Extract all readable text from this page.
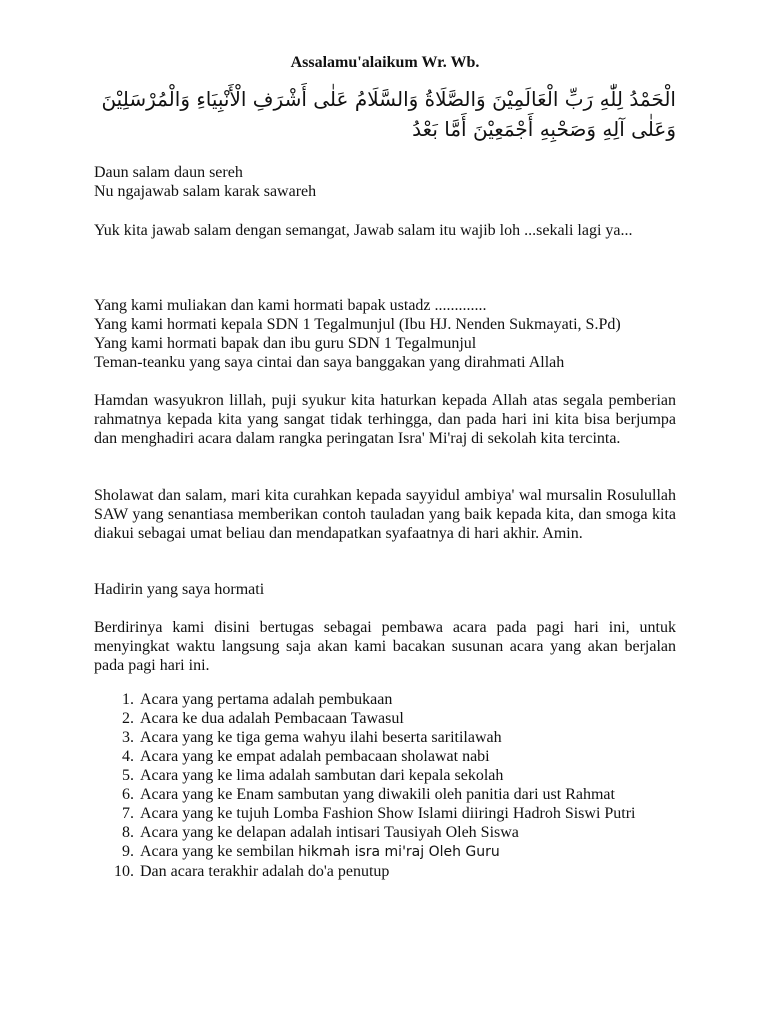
Assalamu'alaikum Wr. Wb.
الْحَمْدُ لِلّٰهِ رَبِّ الْعَالَمِيْنَ وَالصَّلَاةُ وَالسَّلَامُ عَلٰى أَشْرَفِ الْأَنْبِيَاءِ وَالْمُرْسَلِيْنَ
وَعَلٰى آلِهِ وَصَحْبِهِ أَجْمَعِيْنَ أَمَّا بَعْدُ
Daun salam daun sereh
Nu ngajawab salam karak sawareh
Yuk kita jawab salam dengan semangat, Jawab salam itu wajib loh ...sekali lagi ya...
Yang kami muliakan dan kami hormati bapak ustadz .............
Yang kami hormati kepala SDN 1 Tegalmunjul (Ibu HJ. Nenden Sukmayati, S.Pd)
Yang kami hormati bapak dan ibu guru SDN 1 Tegalmunjul
Teman-teanku yang saya cintai dan saya banggakan yang dirahmati Allah
Hamdan wasyukron lillah, puji syukur kita haturkan kepada Allah atas segala pemberian rahmatnya kepada kita yang sangat tidak terhingga, dan pada hari ini kita bisa berjumpa dan menghadiri acara dalam rangka peringatan Isra' Mi'raj di sekolah kita tercinta.
Sholawat dan salam, mari kita curahkan kepada sayyidul ambiya' wal mursalin Rosulullah SAW yang senantiasa memberikan contoh tauladan yang baik kepada kita, dan smoga kita diakui sebagai umat beliau dan mendapatkan syafaatnya di hari akhir. Amin.
Hadirin yang saya hormati
Berdirinya kami disini bertugas sebagai pembawa acara pada pagi hari ini, untuk menyingkat waktu langsung saja akan kami bacakan susunan acara yang akan berjalan pada pagi hari ini.
1. Acara yang pertama adalah pembukaan
2. Acara ke dua adalah Pembacaan Tawasul
3. Acara yang ke tiga gema wahyu ilahi beserta saritilawah
4. Acara yang ke empat adalah pembacaan sholawat nabi
5. Acara yang ke lima adalah sambutan dari kepala sekolah
6. Acara yang ke Enam sambutan yang diwakili oleh panitia dari ust Rahmat
7. Acara yang ke tujuh Lomba Fashion Show Islami diiringi Hadroh Siswi Putri
8. Acara yang ke delapan adalah intisari Tausiyah Oleh Siswa
9. Acara yang ke sembilan hikmah isra mi'raj Oleh Guru
10. Dan acara terakhir adalah do'a penutup
